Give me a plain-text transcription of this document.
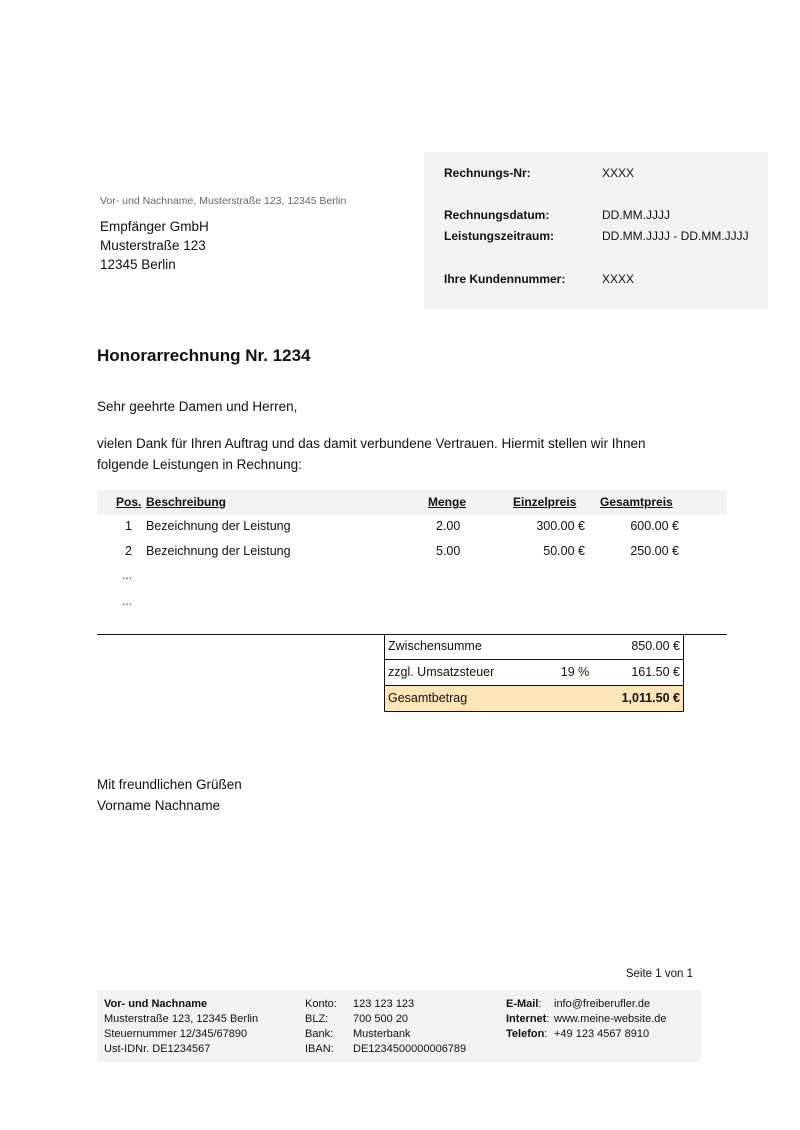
Rechnungs-Nr:	XXXX
Rechnungsdatum:	DD.MM.JJJJ
Leistungszeitraum:	DD.MM.JJJJ - DD.MM.JJJJ
Ihre Kundennummer:	XXXX
Vor- und Nachname, Musterstraße 123, 12345 Berlin
Empfänger GmbH
Musterstraße 123
12345 Berlin
Honorarrechnung Nr. 1234
Sehr geehrte Damen und Herren,
vielen Dank für Ihren Auftrag und das damit verbundene Vertrauen. Hiermit stellen wir Ihnen
folgende Leistungen in Rechnung:
Pos. Beschreibung	Menge	Einzelpreis Gesamtpreis
1 Bezeichnung der Leistung	2.00	300.00 €	600.00 €
2 Bezeichnung der Leistung	5.00	50.00 €	250.00 €
...
...
Zwischensumme	850.00 €
zzgl. Umsatzsteuer	19 %	161.50 €
Gesamtbetrag	1,011.50 €
Mit freundlichen Grüßen
Vorname Nachname
Seite 1 von 1
Vor- und Nachname
Musterstraße 123, 12345 Berlin
Steuernummer 12/345/67890
Ust-IDNr. DE1234567
Konto: 123 123 123
BLZ: 700 500 20
Bank: Musterbank
IBAN: DE1234500000006789
E-Mail: info@freiberufler.de
Internet: www.meine-website.de
Telefon: +49 123 4567 8910
